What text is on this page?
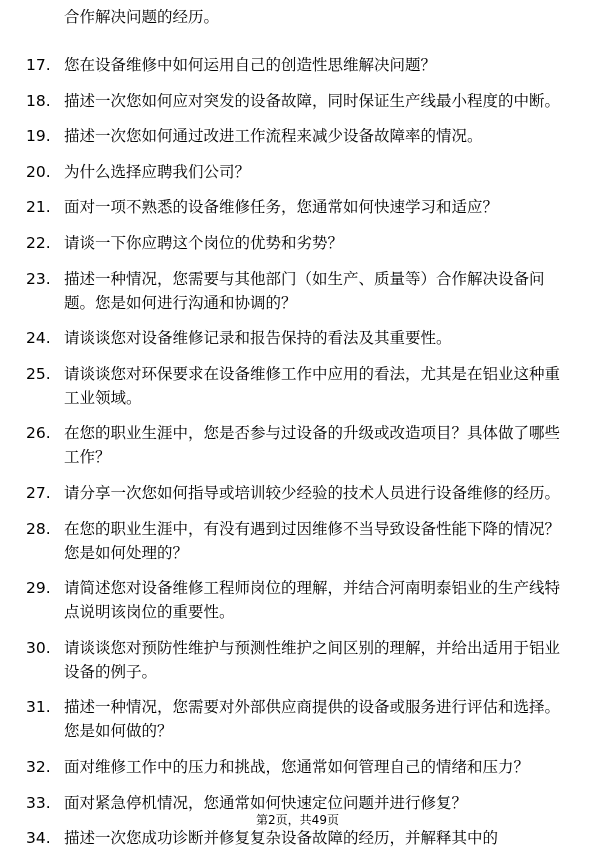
合作解决问题的经历。
17. 您在设备维修中如何运用自己的创造性思维解决问题？
18. 描述一次您如何应对突发的设备故障，同时保证生产线最小程度的中断。
19. 描述一次您如何通过改进工作流程来减少设备故障率的情况。
20. 为什么选择应聘我们公司？
21. 面对一项不熟悉的设备维修任务，您通常如何快速学习和适应？
22. 请谈一下你应聘这个岗位的优势和劣势？
23. 描述一种情况，您需要与其他部门（如生产、质量等）合作解决设备问题。您是如何进行沟通和协调的？
24. 请谈谈您对设备维修记录和报告保持的看法及其重要性。
25. 请谈谈您对环保要求在设备维修工作中应用的看法，尤其是在铝业这种重工业领域。
26. 在您的职业生涯中，您是否参与过设备的升级或改造项目？具体做了哪些工作？
27. 请分享一次您如何指导或培训较少经验的技术人员进行设备维修的经历。
28. 在您的职业生涯中，有没有遇到过因维修不当导致设备性能下降的情况？您是如何处理的？
29. 请简述您对设备维修工程师岗位的理解，并结合河南明泰铝业的生产线特点说明该岗位的重要性。
30. 请谈谈您对预防性维护与预测性维护之间区别的理解，并给出适用于铝业设备的例子。
31. 描述一种情况，您需要对外部供应商提供的设备或服务进行评估和选择。您是如何做的？
32. 面对维修工作中的压力和挑战，您通常如何管理自己的情绪和压力？
33. 面对紧急停机情况，您通常如何快速定位问题并进行修复？
34. 描述一次您成功诊断并修复复杂设备故障的经历，并解释其中的
第2页，共49页
